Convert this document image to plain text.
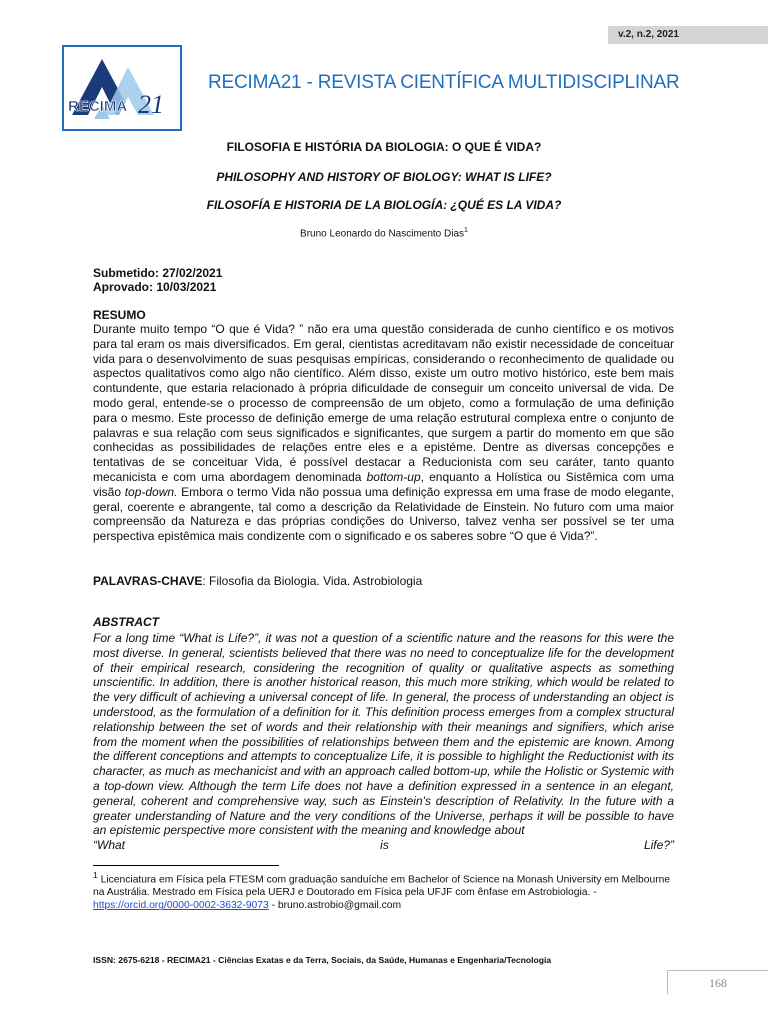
v.2, n.2, 2021
RECIMA 21
RECIMA21 - REVISTA CIENTÍFICA MULTIDISCIPLINAR
FILOSOFIA E HISTÓRIA DA BIOLOGIA: O QUE É VIDA?
PHILOSOPHY AND HISTORY OF BIOLOGY: WHAT IS LIFE?
FILOSOFÍA E HISTORIA DE LA BIOLOGÍA: ¿QUÉ ES LA VIDA?
Bruno Leonardo do Nascimento Dias$^1$
Submetido: 27/02/2021
Aprovado: 10/03/2021
RESUMO

Durante muito tempo “O que é Vida? ” não era uma questão considerada de cunho científico e os motivos para tal eram os mais diversificados. Em geral, cientistas acreditavam não existir necessidade de conceituar vida para o desenvolvimento de suas pesquisas empíricas, considerando o reconhecimento de qualidade ou aspectos qualitativos como algo não científico. Além disso, existe um outro motivo histórico, este bem mais contundente, que estaria relacionado à própria dificuldade de conseguir um conceito universal de vida. De modo geral, entende-se o processo de compreensão de um objeto, como a formulação de uma definição para o mesmo. Este processo de definição emerge de uma relação estrutural complexa entre o conjunto de palavras e sua relação com seus significados e significantes, que surgem a partir do momento em que são conhecidas as possibilidades de relações entre eles e a epistéme. Dentre as diversas concepções e tentativas de se conceituar Vida, é possível destacar a Reducionista com seu caráter, tanto quanto mecanicista e com uma abordagem denominada bottom-up, enquanto a Holística ou Sistêmica com uma visão top-down. Embora o termo Vida não possua uma definição expressa em uma frase de modo elegante, geral, coerente e abrangente, tal como a descrição da Relatividade de Einstein. No futuro com uma maior compreensão da Natureza e das próprias condições do Universo, talvez venha ser possível se ter uma perspectiva epistêmica mais condizente com o significado e os saberes sobre “O que é Vida?”.

PALAVRAS-CHAVE: Filosofia da Biologia. Vida. Astrobiologia
ABSTRACT
For a long time “What is Life?”, it was not a question of a scientific nature and the reasons for this were the most diverse. In general, scientists believed that there was no need to conceptualize life for the development of their empirical research, considering the recognition of quality or qualitative aspects as something unscientific. In addition, there is another historical reason, this much more striking, which would be related to the very difficult of achieving a universal concept of life. In general, the process of understanding an object is understood, as the formulation of a definition for it. This definition process emerges from a complex structural relationship between the set of words and their relationship with their meanings and signifiers, which arise from the moment when the possibilities of relationships between them and the epistemic are known. Among the different conceptions and attempts to conceptualize Life, it is possible to highlight the Reductionist with its character, as much as mechanicist and with an approach called bottom-up, while the Holistic or Systemic with a top-down view. Although the term Life does not have a definition expressed in a sentence in an elegant, general, coherent and comprehensive way, such as Einstein's description of Relativity. In the future with a greater understanding of Nature and the very conditions of the Universe, perhaps it will be possible to have an epistemic perspective more consistent with the meaning and knowledge about
“What	is	Life?”

$^1$ Licenciatura em Física pela FTESM com graduação sanduíche em Bachelor of Science na Monash University em Melbourne na Austrália. Mestrado em Física pela UERJ e Doutorado em Física pela UFJF com ênfase em Astrobiologia. - https://orcid.org/0000-0002-3632-9073 - bruno.astrobio@gmail.com

ISSN: 2675-6218 - RECIMA21 - Ciências Exatas e da Terra, Sociais, da Saúde, Humanas e Engenharia/Tecnologia
168
